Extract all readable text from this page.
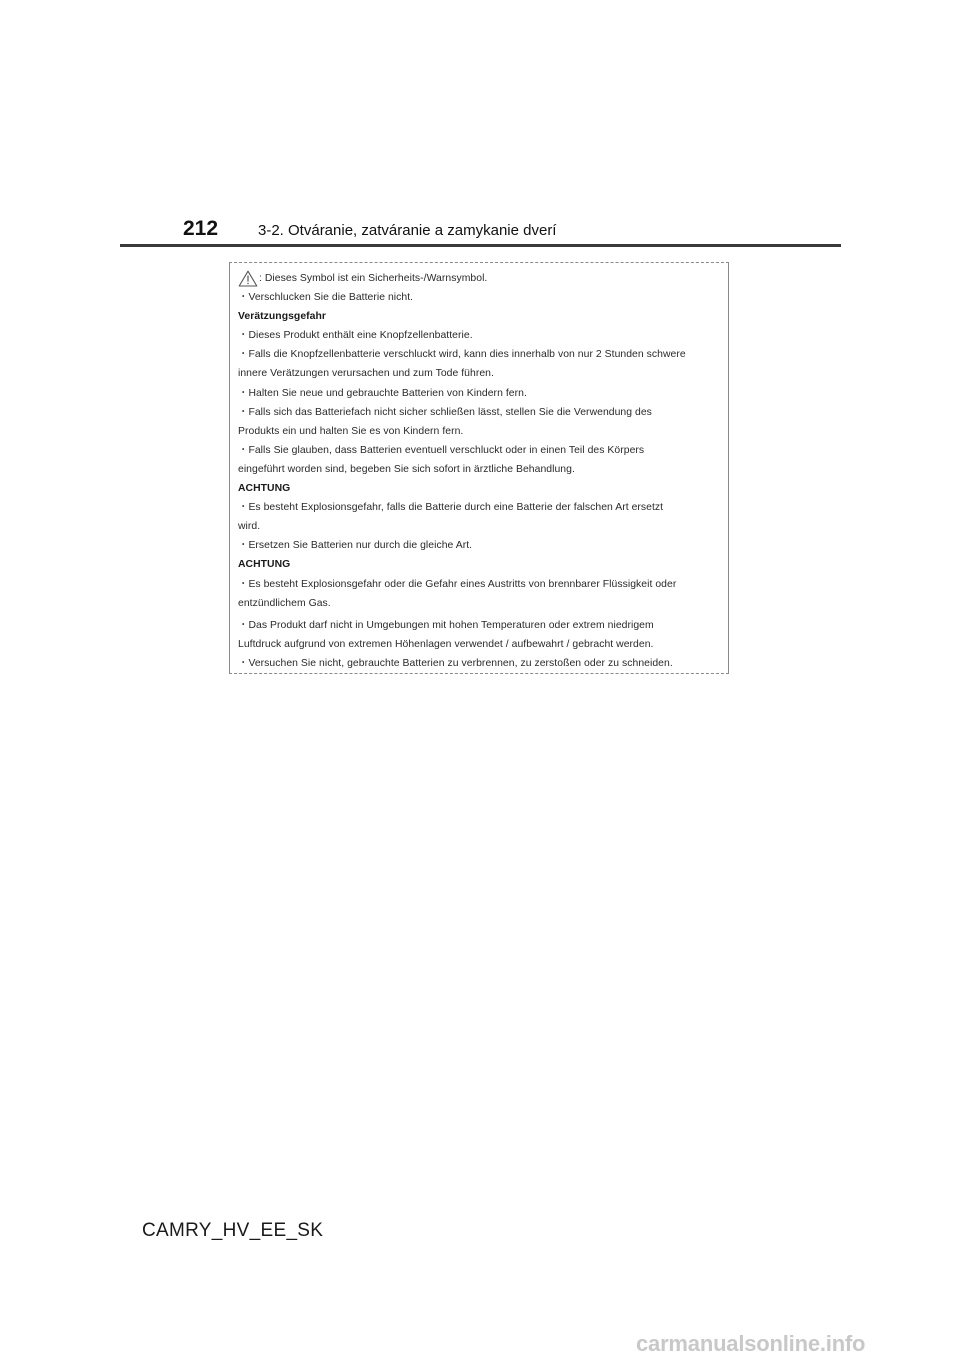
212	3-2. Otváranie, zatváranie a zamykanie dverí
: Dieses Symbol ist ein Sicherheits-/Warnsymbol.
・Verschlucken Sie die Batterie nicht.
Verätzungsgefahr
・Dieses Produkt enthält eine Knopfzellenbatterie.
・Falls die Knopfzellenbatterie verschluckt wird, kann dies innerhalb von nur 2 Stunden schwere
innere Verätzungen verursachen und zum Tode führen.
・Halten Sie neue und gebrauchte Batterien von Kindern fern.
・Falls sich das Batteriefach nicht sicher schließen lässt, stellen Sie die Verwendung des
Produkts ein und halten Sie es von Kindern fern.
・Falls Sie glauben, dass Batterien eventuell verschluckt oder in einen Teil des Körpers
eingeführt worden sind, begeben Sie sich sofort in ärztliche Behandlung.
ACHTUNG
・Es besteht Explosionsgefahr, falls die Batterie durch eine Batterie der falschen Art ersetzt
wird.
・Ersetzen Sie Batterien nur durch die gleiche Art.
ACHTUNG
・Es besteht Explosionsgefahr oder die Gefahr eines Austritts von brennbarer Flüssigkeit oder
entzündlichem Gas.
・Das Produkt darf nicht in Umgebungen mit hohen Temperaturen oder extrem niedrigem
Luftdruck aufgrund von extremen Höhenlagen verwendet / aufbewahrt / gebracht werden.
・Versuchen Sie nicht, gebrauchte Batterien zu verbrennen, zu zerstoßen oder zu schneiden.
CAMRY_HV_EE_SK
carmanualsonline.info
